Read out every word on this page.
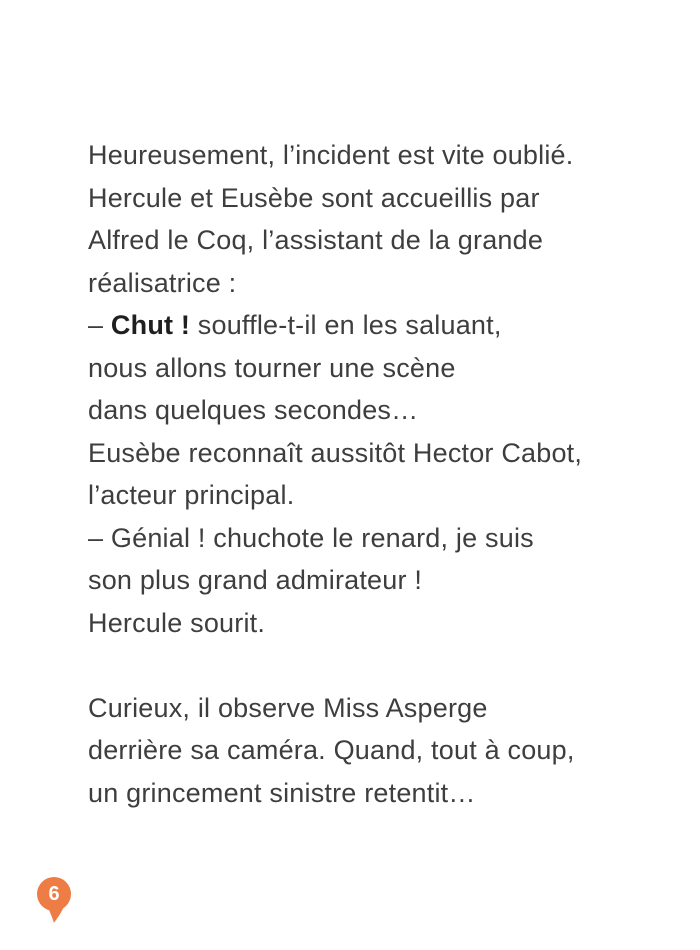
Heureusement, l’incident est vite oublié.
Hercule et Eusèbe sont accueillis par
Alfred le Coq, l’assistant de la grande
réalisatrice :
– Chut ! souffle-t-il en les saluant,
nous allons tourner une scène
dans quelques secondes…
Eusèbe reconnaît aussitôt Hector Cabot,
l’acteur principal.
– Génial ! chuchote le renard, je suis
son plus grand admirateur !
Hercule sourit.

Curieux, il observe Miss Asperge
derrière sa caméra. Quand, tout à coup,
un grincement sinistre retentit…
6
